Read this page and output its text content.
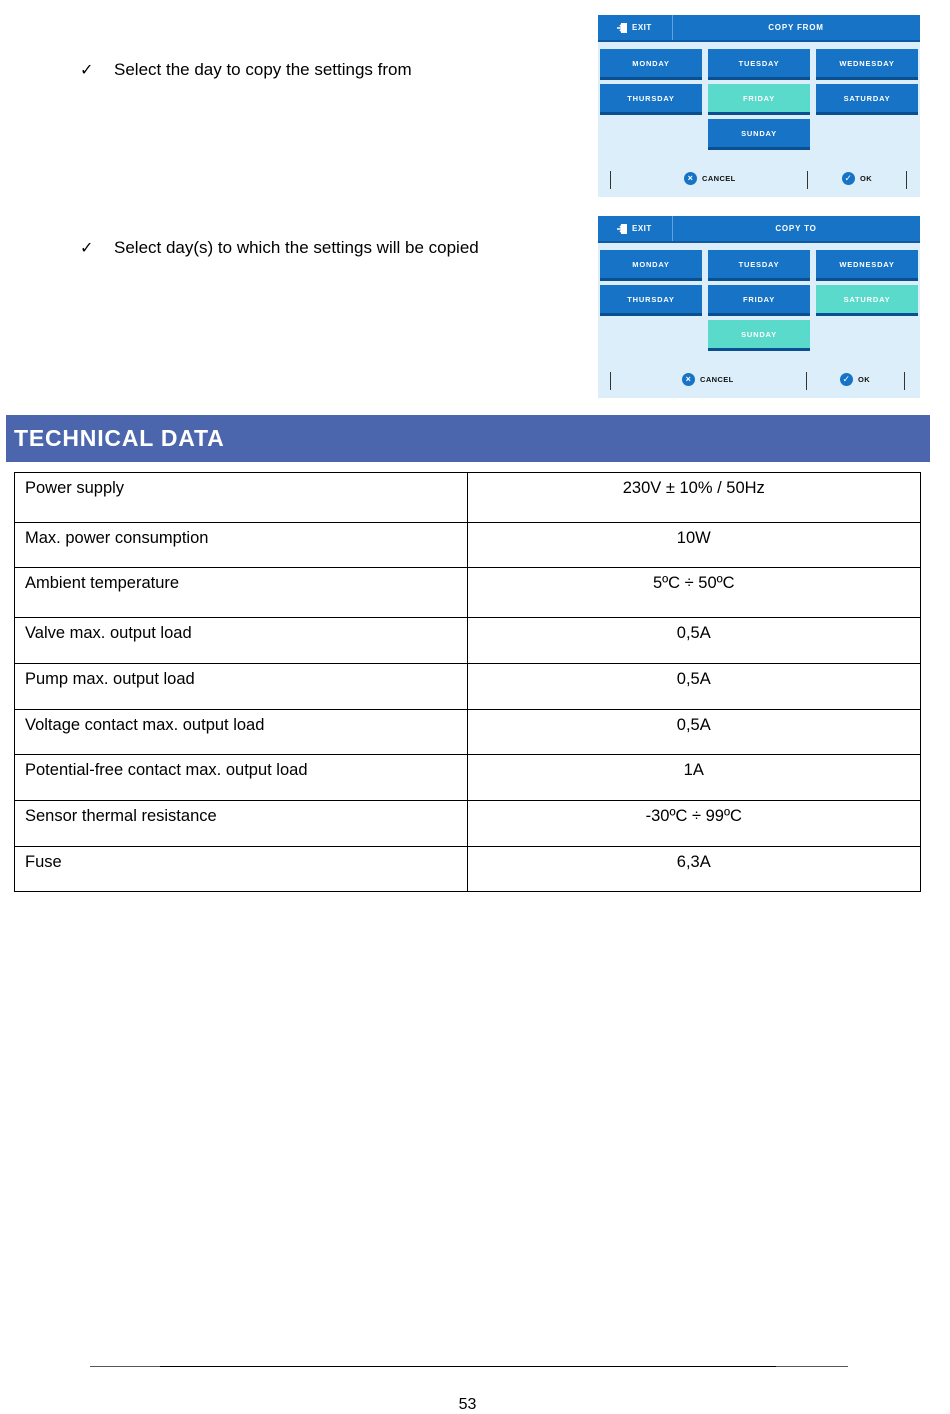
✓ Select the day to copy the settings from
EXIT	COPY FROM
MONDAY	TUESDAY	WEDNESDAY
THURSDAY	FRIDAY	SATURDAY
SUNDAY
×	CANCEL	✓	OK
✓ Select day(s) to which the settings will be copied
EXIT	COPY TO
MONDAY	TUESDAY	WEDNESDAY
THURSDAY	FRIDAY	SATURDAY
SUNDAY
×	CANCEL	✓	OK
TECHNICAL DATA
Power supply	230V ± 10% / 50Hz
Max. power consumption	10W
Ambient temperature	5ºC ÷ 50ºC
Valve max. output load	0,5A
Pump max. output load	0,5A
Voltage contact max. output load	0,5A
Potential-free contact max. output load	1A
Sensor thermal resistance	-30ºC ÷ 99ºC
Fuse	6,3A
53
